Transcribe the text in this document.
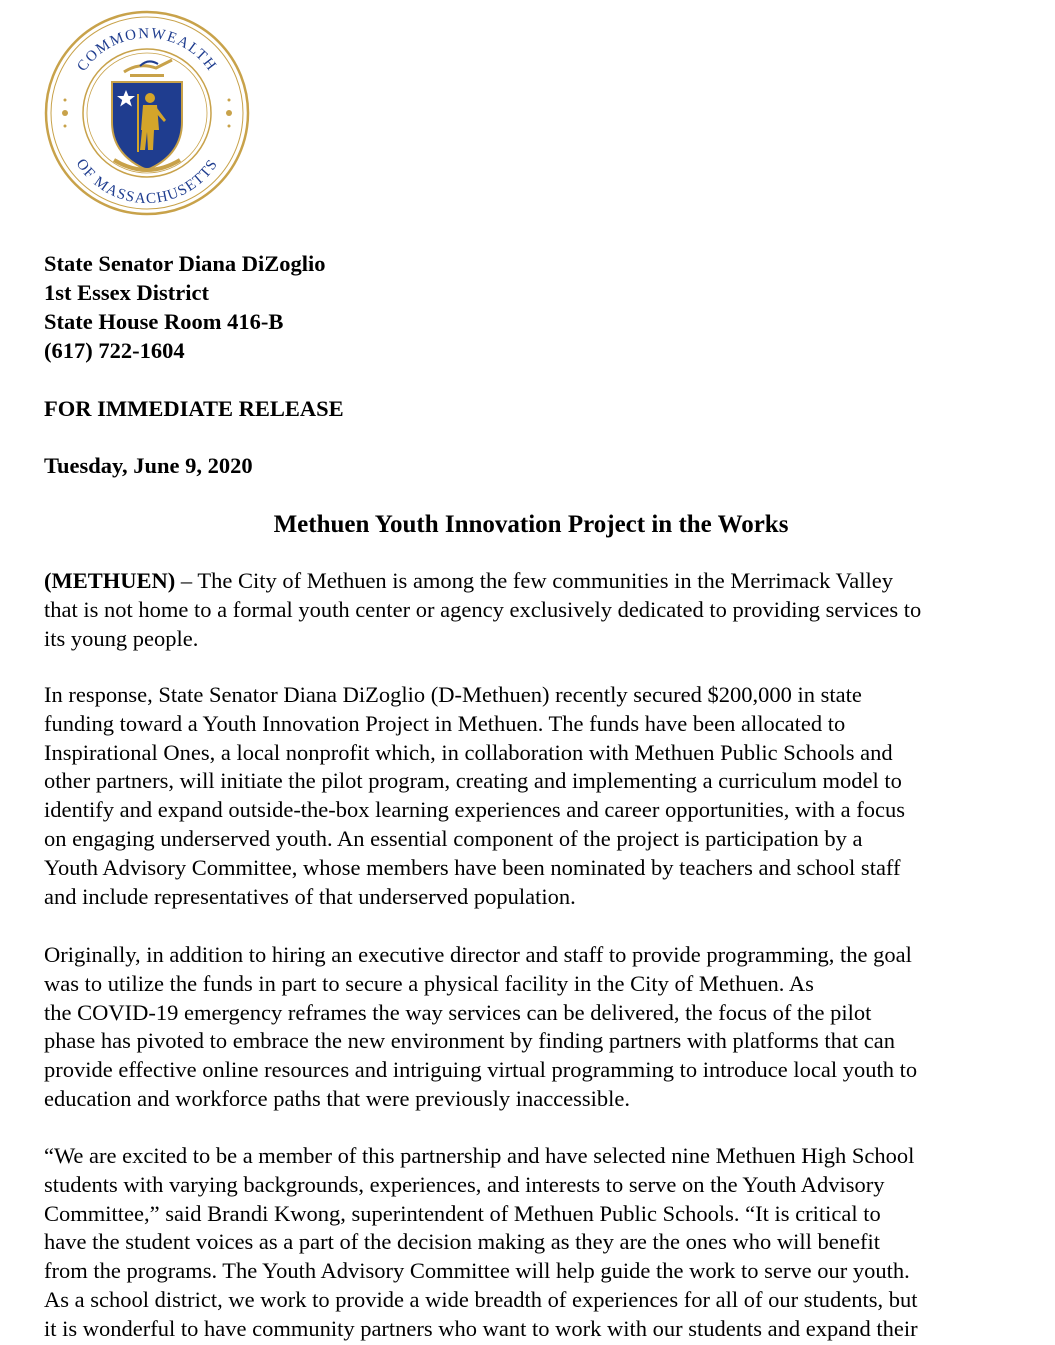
COMMONWEALTH
OF MASSACHUSETTS
State Senator Diana DiZoglio
1st Essex District
State House Room 416-B
(617) 722-1604
FOR IMMEDIATE RELEASE
Tuesday, June 9, 2020
Methuen Youth Innovation Project in the Works
(METHUEN) – The City of Methuen is among the few communities in the Merrimack Valley
that is not home to a formal youth center or agency exclusively dedicated to providing services to
its young people.
In response, State Senator Diana DiZoglio (D-Methuen) recently secured $200,000 in state
funding toward a Youth Innovation Project in Methuen. The funds have been allocated to
Inspirational Ones, a local nonprofit which, in collaboration with Methuen Public Schools and
other partners, will initiate the pilot program, creating and implementing a curriculum model to
identify and expand outside-the-box learning experiences and career opportunities, with a focus
on engaging underserved youth. An essential component of the project is participation by a
Youth Advisory Committee, whose members have been nominated by teachers and school staff
and include representatives of that underserved population.
Originally, in addition to hiring an executive director and staff to provide programming, the goal
was to utilize the funds in part to secure a physical facility in the City of Methuen. As
the COVID-19 emergency reframes the way services can be delivered, the focus of the pilot
phase has pivoted to embrace the new environment by finding partners with platforms that can
provide effective online resources and intriguing virtual programming to introduce local youth to
education and workforce paths that were previously inaccessible.
“We are excited to be a member of this partnership and have selected nine Methuen High School
students with varying backgrounds, experiences, and interests to serve on the Youth Advisory
Committee,” said Brandi Kwong, superintendent of Methuen Public Schools. “It is critical to
have the student voices as a part of the decision making as they are the ones who will benefit
from the programs. The Youth Advisory Committee will help guide the work to serve our youth.
As a school district, we work to provide a wide breadth of experiences for all of our students, but
it is wonderful to have community partners who want to work with our students and expand their
